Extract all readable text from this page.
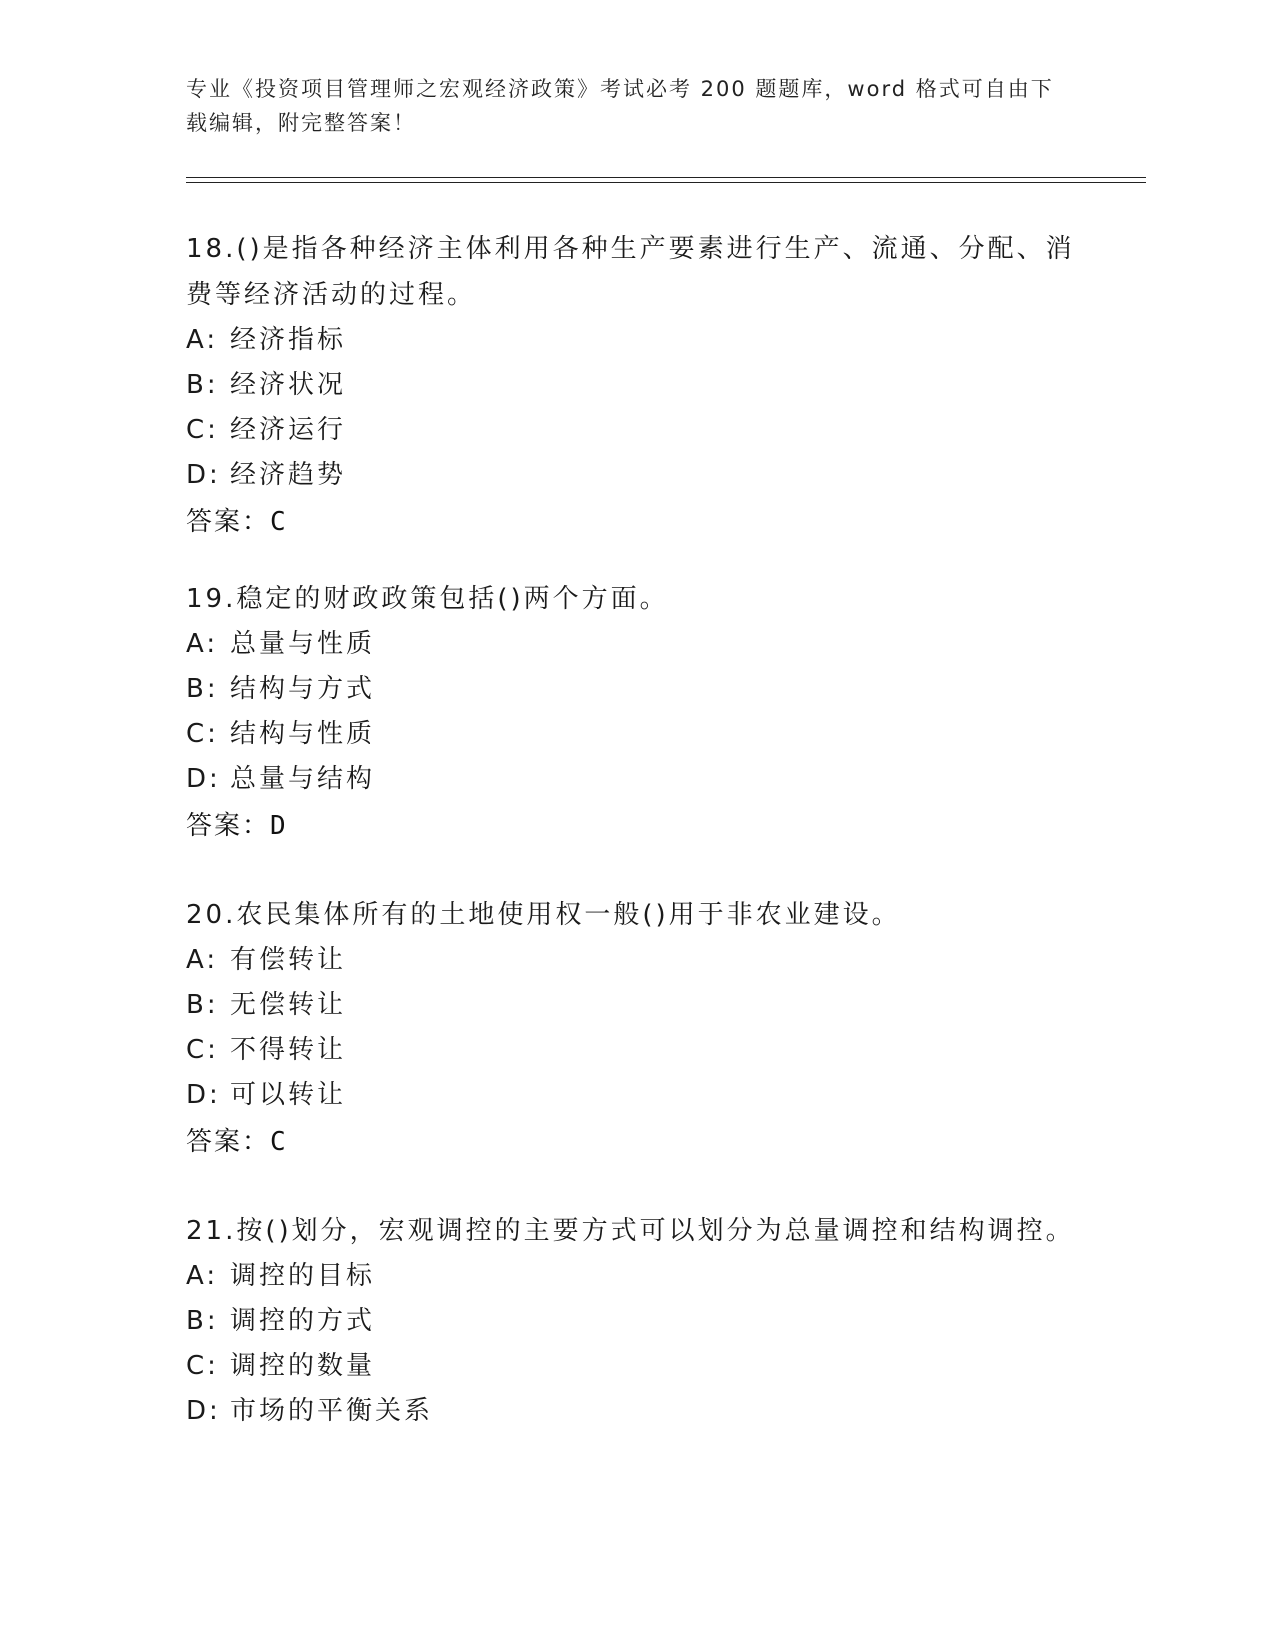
专业《投资项目管理师之宏观经济政策》考试必考 200 题题库，word 格式可自由下载编辑，附完整答案！

18.()是指各种经济主体利用各种生产要素进行生产、流通、分配、消费等经济活动的过程。

A: 经济指标
B: 经济状况
C: 经济运行
D: 经济趋势
答案：C

19.稳定的财政政策包括()两个方面。

A: 总量与性质
B: 结构与方式
C: 结构与性质
D: 总量与结构
答案：D

20.农民集体所有的土地使用权一般()用于非农业建设。

A: 有偿转让
B: 无偿转让
C: 不得转让
D: 可以转让
答案：C

21.按()划分，宏观调控的主要方式可以划分为总量调控和结构调控。

A: 调控的目标
B: 调控的方式
C: 调控的数量
D: 市场的平衡关系
